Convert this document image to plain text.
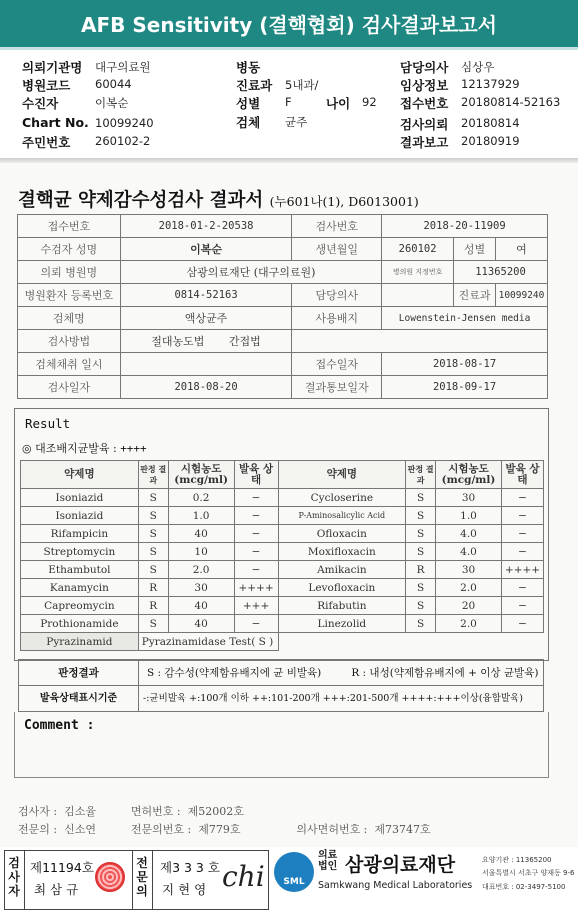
AFB Sensitivity (결핵협회) 검사결과보고서
의뢰기관명 대구의료원
병원코드 60044
수진자	이복순
Chart No. 10099240
주민번호 260102-2
병동
진료과 5내과/
성별 F	나이 92
검체 균주
담당의사 심상우
임상정보 12137929
접수번호 20180814-52163
검사의뢰 20180814
결과보고 20180919
결핵균 약제감수성검사 결과서 (누601나(1), D6013001)
접수번호	2018-01-2-20538	검사번호	2018-20-11909		
수검자 성명	이복순	생년월일	260102	성별	여
의뢰 병원명	삼광의료재단 (대구의료원)		병의원 지정번호	11365200	
병원환자 등록번호	0814-52163	담당의사		진료과	10099240
검체명	액상균주	사용배지	Lowenstein-Jensen media		
검사방법	절대농도법 간접법				
검체채취 일시		접수일자	2018-08-17		
검사일자	2018-08-20	결과통보일자	2018-09-17		
Result
◎ 대조배지균발육 : ++++
약제명	판정 결과	시험농도 (mcg/ml)	발육 상태	약제명	판정 결과	시험농도 (mcg/ml)	발육 상태
Isoniazid	S	0.2	−	Cycloserine	S	30	−
Isoniazid	S	1.0	−	P-Aminosalicylic Acid	S	1.0	−
Rifampicin	S	40	−	Ofloxacin	S	4.0	−
Streptomycin	S	10	−	Moxifloxacin	S	4.0	−
Ethambutol	S	2.0	−	Amikacin	R	30	++++
Kanamycin	R	30	++++	Levofloxacin	S	2.0	−
Capreomycin	R	40	+++	Rifabutin	S	20	−
Prothionamide	S	40	−	Linezolid	S	2.0	−
Pyrazinamid	Pyrazinamidase Test( S )						
판정결과	S : 감수성(약제함유배지에 균 비발육)         R : 내성(약제함유배지에 + 이상 균발육)
발육상태표시기준	-:균비발육 +:100개 이하 ++:101-200개 +++:201-500개 ++++:+++이상(융합발육)
Comment :
검사자 :  김소율          면허번호 :  제52002호
전문의 :  신소연          전문의번호 :  제779호                의사면허번호 :  제73747호
검사자
전문의
제11194호
최 삼 규
제3 3 3 호
지 현 영 chi	SML
의료법인 삼광의료재단
Samkwang Medical Laboratories
요양기관 : 11365200
서울특별시 서초구 양재동 9-6
대표번호 : 02-3497-5100
